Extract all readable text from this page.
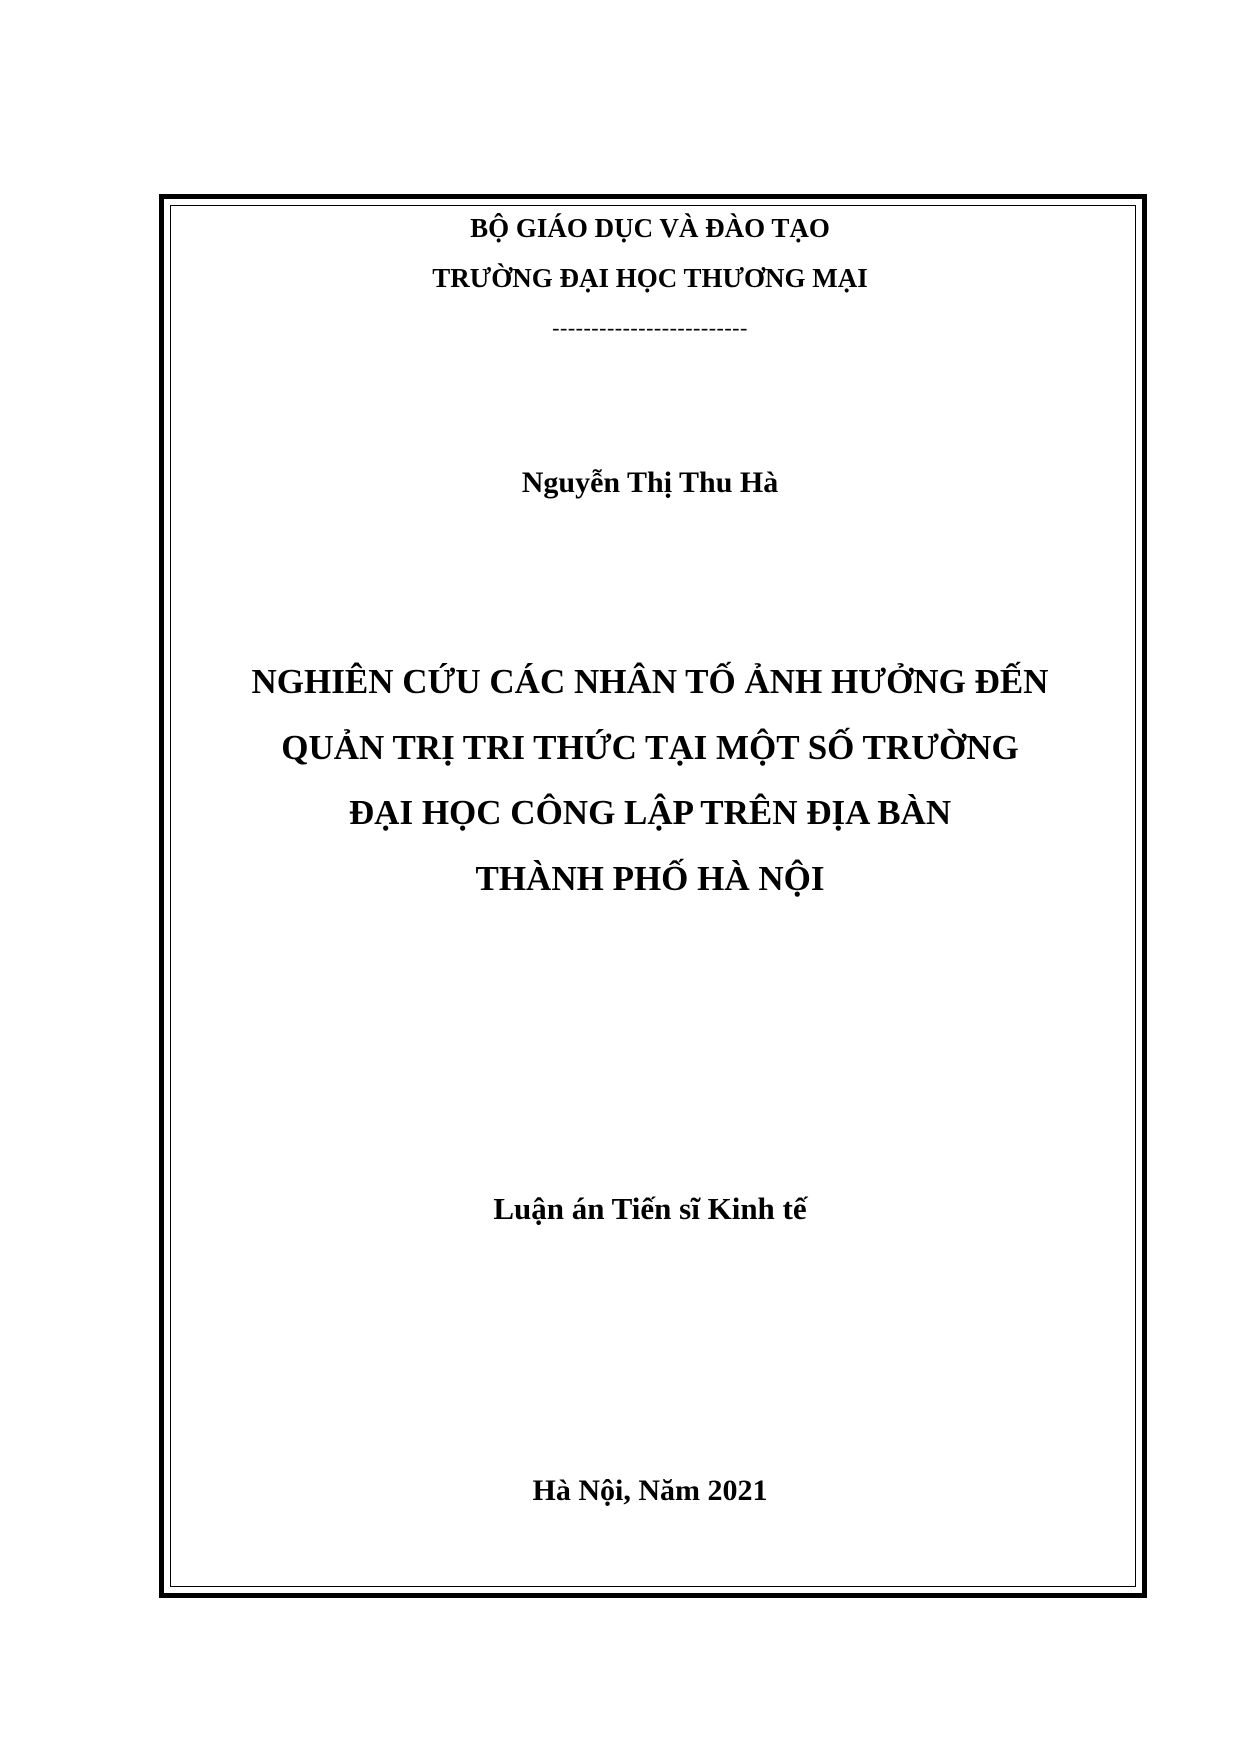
BỘ GIÁO DỤC VÀ ĐÀO TẠO
TRƯỜNG ĐẠI HỌC THƯƠNG MẠI
-------------------------
Nguyễn Thị Thu Hà
NGHIÊN CỨU CÁC NHÂN TỐ ẢNH HƯỞNG ĐẾN
QUẢN TRỊ TRI THỨC TẠI MỘT SỐ TRƯỜNG
ĐẠI HỌC CÔNG LẬP TRÊN ĐỊA BÀN
THÀNH PHỐ HÀ NỘI
Luận án Tiến sĩ Kinh tế
Hà Nội, Năm 2021
